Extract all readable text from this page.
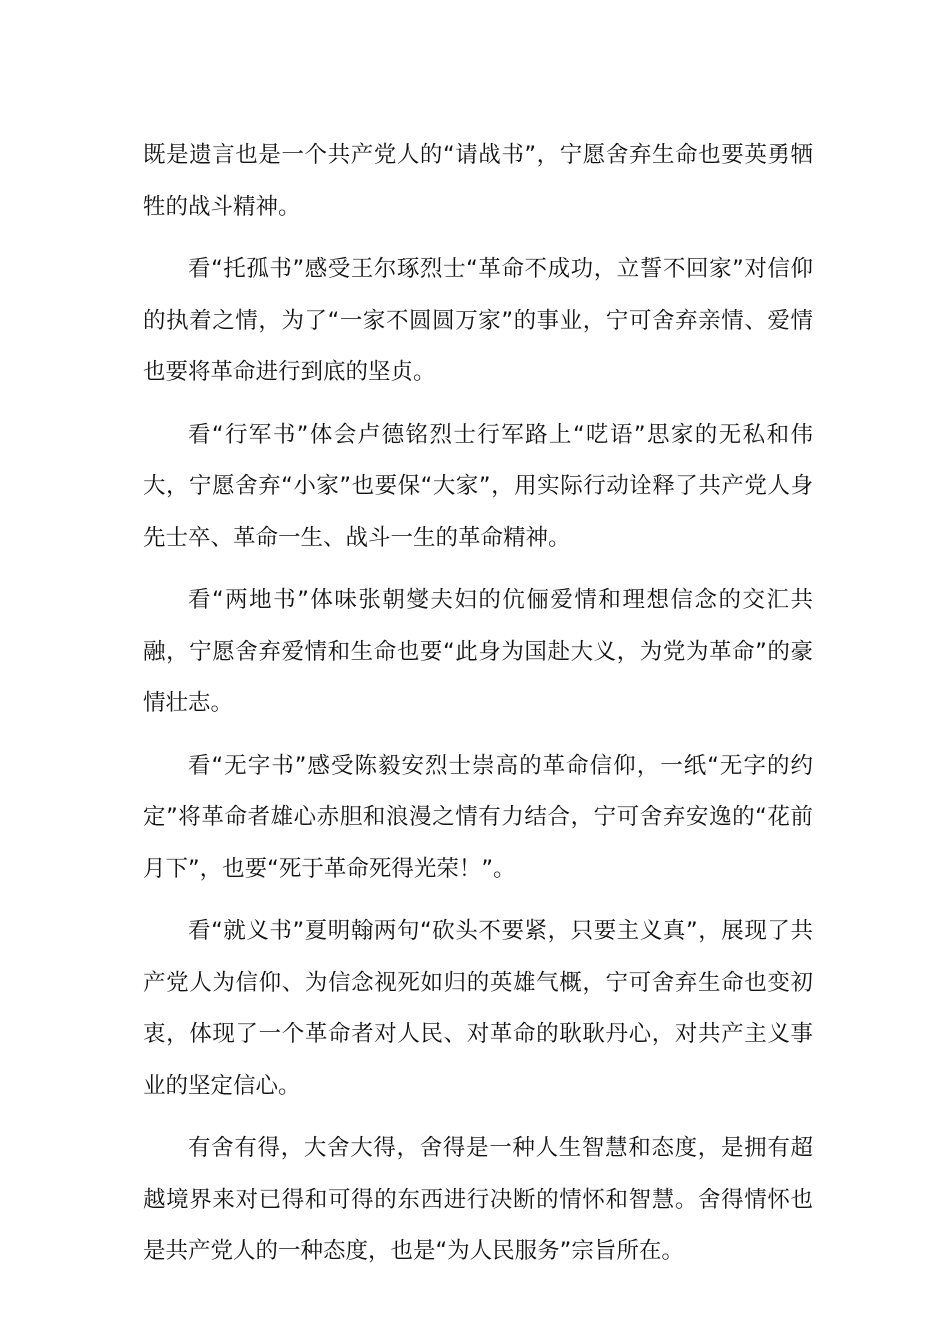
既是遗言也是一个共产党人的“请战书”，宁愿舍弃生命也要英勇牺牲的战斗精神。

看“托孤书”感受王尔琢烈士“革命不成功，立誓不回家”对信仰的执着之情，为了“一家不圆圆万家”的事业，宁可舍弃亲情、爱情也要将革命进行到底的坚贞。

看“行军书”体会卢德铭烈士行军路上“呓语”思家的无私和伟大，宁愿舍弃“小家”也要保“大家”，用实际行动诠释了共产党人身先士卒、革命一生、战斗一生的革命精神。

看“两地书”体味张朝燮夫妇的伉俪爱情和理想信念的交汇共融，宁愿舍弃爱情和生命也要“此身为国赴大义，为党为革命”的豪情壮志。

看“无字书”感受陈毅安烈士崇高的革命信仰，一纸“无字的约定”将革命者雄心赤胆和浪漫之情有力结合，宁可舍弃安逸的“花前月下”，也要“死于革命死得光荣！”。

看“就义书”夏明翰两句“砍头不要紧，只要主义真”，展现了共产党人为信仰、为信念视死如归的英雄气概，宁可舍弃生命也变初衷，体现了一个革命者对人民、对革命的耿耿丹心，对共产主义事业的坚定信心。

有舍有得，大舍大得，舍得是一种人生智慧和态度，是拥有超越境界来对已得和可得的东西进行决断的情怀和智慧。舍得情怀也是共产党人的一种态度，也是“为人民服务”宗旨所在。
